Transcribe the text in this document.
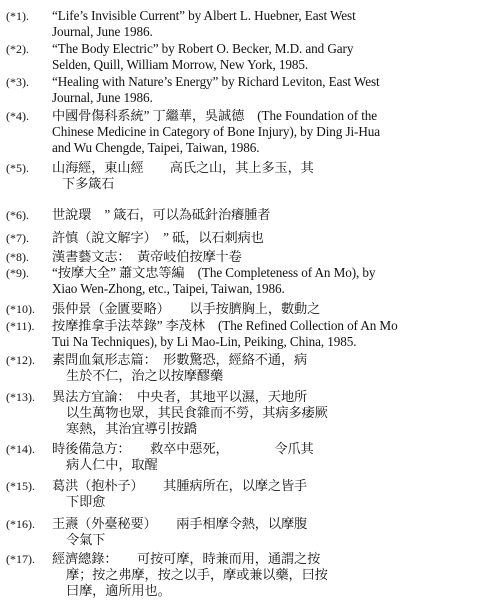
(*1).	“Life’s Invisible Current” by Albert L. Huebner, East West
Journal, June 1986.
(*2).	“The Body Electric” by Robert O. Becker, M.D. and Gary
Selden, Quill, William Morrow, New York, 1985.
(*3).	“Healing with Nature’s Energy” by Richard Leviton, East West
Journal, June 1986.
(*4).	中國骨傷科系統” 丁繼華，吳誠德　(The Foundation of the
Chinese Medicine in Category of Bone Injury), by Ding Ji-Hua
and Wu Chengde, Taipei, Taiwan, 1986.
(*5).	山海經，東山經　　高氏之山，其上多玉，其
下多箴石
(*6).	世說環　” 箴石，可以為砥針治癢腫者
(*7).	許慎（說文解字）　” 砥，以石刺病也
(*8).	漢書藝文志：　黃帝岐伯按摩十卷
(*9).	“按摩大全” 蕭文忠等編　(The Completeness of An Mo), by
Xiao Wen-Zhong, etc., Taipei, Taiwan, 1986.
(*10).	張仲景（金匱要略）　　以手按臍胸上，數動之
(*11).	按摩推拿手法萃錄” 李茂林　(The Refined Collection of An Mo
Tui Na Techniques), by Li Mao-Lin, Peiking, China, 1985.
(*12).	素問血氣形志篇：　形數驚恐，經絡不通，病
生於不仁，治之以按摩醪藥
(*13).	異法方宜論：　中央者，其地平以濕，天地所
以生萬物也眾，其民食雜而不勞，其病多痿厥
寒熱，其治宜導引按蹻
(*14).	時後備急方：　　救卒中惡死，　　　　令爪其
病人仁中，取醒
(*15).	葛洪（抱朴子）　　其腫病所在，以摩之皆手
下即愈
(*16).	王燾（外臺秘要）　　兩手相摩令熱，以摩腹
令氣下
(*17).	經濟總錄：　　可按可摩，時兼而用，通謂之按
摩；按之弗摩，按之以手，摩或兼以藥，曰按
曰摩，適所用也。
